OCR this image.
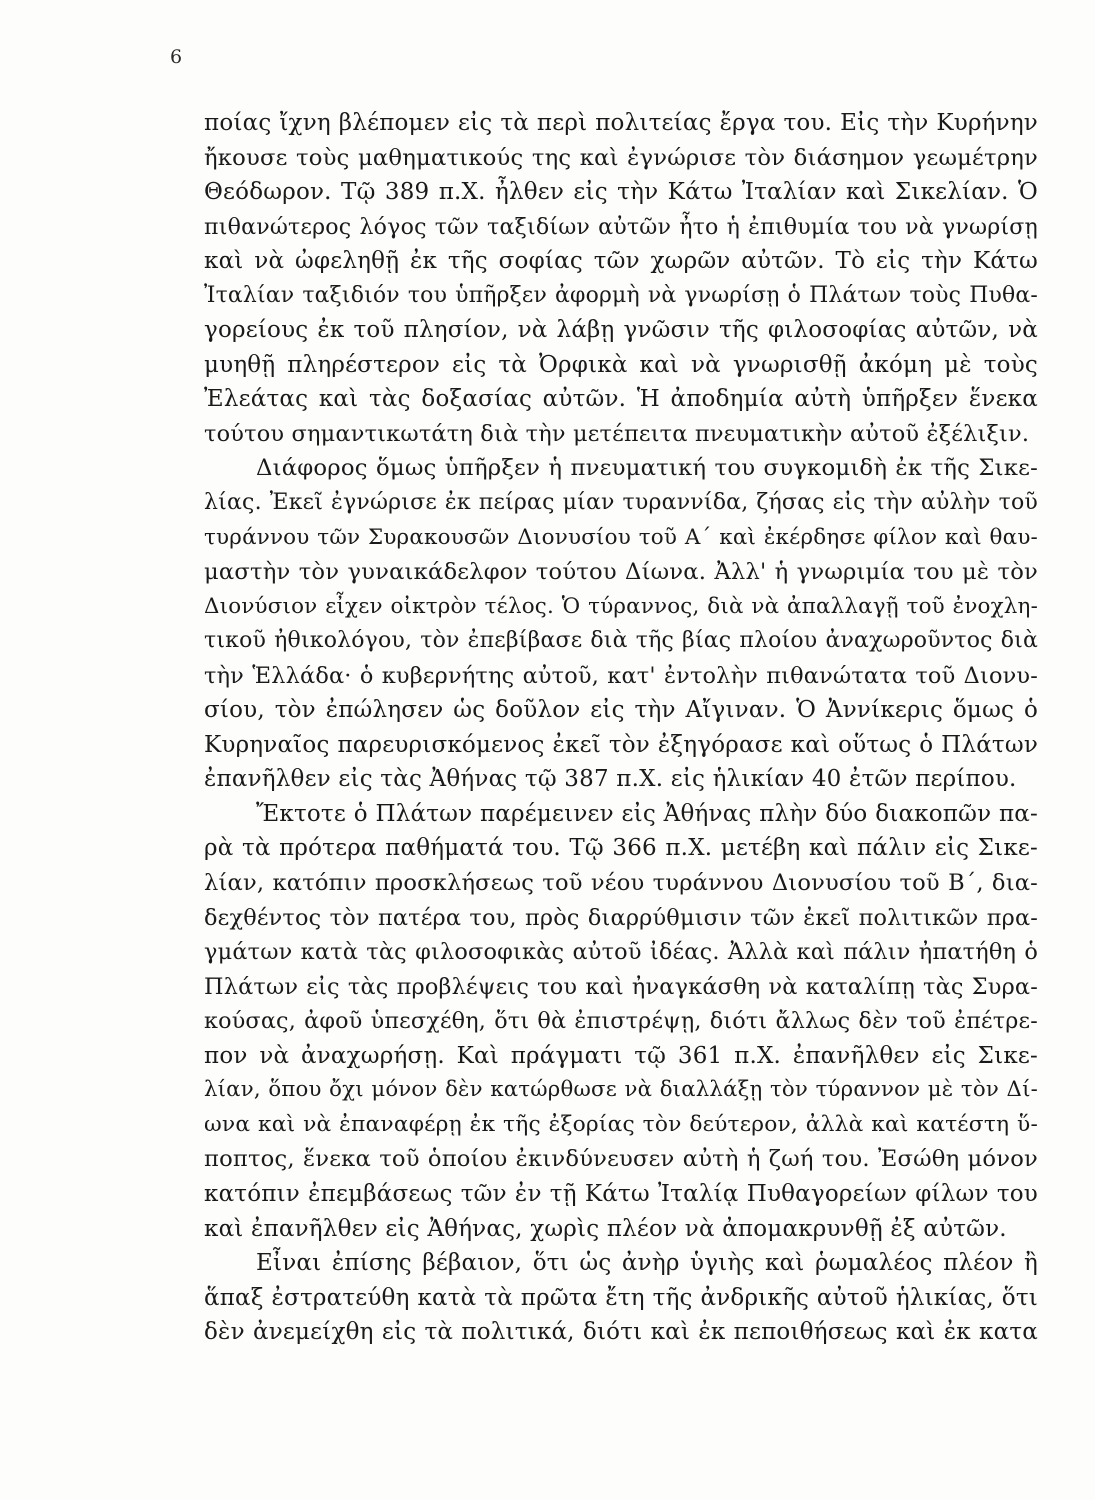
6
ποίας ἴχνη βλέπομεν εἰς τὰ περὶ πολιτείας ἔργα του. Εἰς τὴν Κυρήνην
ἤκουσε τοὺς μαθηματικούς της καὶ ἐγνώρισε τὸν διάσημον γεωμέτρην
Θεόδωρον. Τῷ 389 π.Χ. ἦλθεν εἰς τὴν Κάτω Ἰταλίαν καὶ Σικελίαν. Ὁ
πιθανώτερος λόγος τῶν ταξιδίων αὐτῶν ἦτο ἡ ἐπιθυμία του νὰ γνωρίσῃ
καὶ νὰ ὠφεληθῇ ἐκ τῆς σοφίας τῶν χωρῶν αὐτῶν. Τὸ εἰς τὴν Κάτω
Ἰταλίαν ταξιδιόν του ὑπῆρξεν ἀφορμὴ νὰ γνωρίσῃ ὁ Πλάτων τοὺς Πυθα-
γορείους ἐκ τοῦ πλησίον, νὰ λάβῃ γνῶσιν τῆς φιλοσοφίας αὐτῶν, νὰ
μυηθῇ πληρέστερον εἰς τὰ Ὀρφικὰ καὶ νὰ γνωρισθῇ ἀκόμη μὲ τοὺς
Ἐλεάτας καὶ τὰς δοξασίας αὐτῶν. Ἡ ἀποδημία αὐτὴ ὑπῆρξεν ἕνεκα
τούτου σημαντικωτάτη διὰ τὴν μετέπειτα πνευματικὴν αὐτοῦ ἐξέλιξιν.
Διάφορος ὅμως ὑπῆρξεν ἡ πνευματική του συγκομιδὴ ἐκ τῆς Σικε-
λίας. Ἐκεῖ ἐγνώρισε ἐκ πείρας μίαν τυραννίδα, ζήσας εἰς τὴν αὐλὴν τοῦ
τυράννου τῶν Συρακουσῶν Διονυσίου τοῦ Α΄ καὶ ἐκέρδησε φίλον καὶ θαυ-
μαστὴν τὸν γυναικάδελφον τούτου Δίωνα. Ἀλλ' ἡ γνωριμία του μὲ τὸν
Διονύσιον εἶχεν οἰκτρὸν τέλος. Ὁ τύραννος, διὰ νὰ ἀπαλλαγῇ τοῦ ἐνοχλη-
τικοῦ ἠθικολόγου, τὸν ἐπεβίβασε διὰ τῆς βίας πλοίου ἀναχωροῦντος διὰ
τὴν Ἑλλάδα· ὁ κυβερνήτης αὐτοῦ, κατ' ἐντολὴν πιθανώτατα τοῦ Διονυ-
σίου, τὸν ἐπώλησεν ὡς δοῦλον εἰς τὴν Αἴγιναν. Ὁ Ἀννίκερις ὅμως ὁ
Κυρηναῖος παρευρισκόμενος ἐκεῖ τὸν ἐξηγόρασε καὶ οὕτως ὁ Πλάτων
ἐπανῆλθεν εἰς τὰς Ἀθήνας τῷ 387 π.Χ. εἰς ἡλικίαν 40 ἐτῶν περίπου.
Ἔκτοτε ὁ Πλάτων παρέμεινεν εἰς Ἀθήνας πλὴν δύο διακοπῶν πα-
ρὰ τὰ πρότερα παθήματά του. Τῷ 366 π.Χ. μετέβη καὶ πάλιν εἰς Σικε-
λίαν, κατόπιν προσκλήσεως τοῦ νέου τυράννου Διονυσίου τοῦ Β΄, δια-
δεχθέντος τὸν πατέρα του, πρὸς διαρρύθμισιν τῶν ἐκεῖ πολιτικῶν πρα-
γμάτων κατὰ τὰς φιλοσοφικὰς αὐτοῦ ἰδέας. Ἀλλὰ καὶ πάλιν ἠπατήθη ὁ
Πλάτων εἰς τὰς προβλέψεις του καὶ ἠναγκάσθη νὰ καταλίπῃ τὰς Συρα-
κούσας, ἀφοῦ ὑπεσχέθη, ὅτι θὰ ἐπιστρέψῃ, διότι ἄλλως δὲν τοῦ ἐπέτρε-
πον νὰ ἀναχωρήσῃ. Καὶ πράγματι τῷ 361 π.Χ. ἐπανῆλθεν εἰς Σικε-
λίαν, ὅπου ὄχι μόνον δὲν κατώρθωσε νὰ διαλλάξῃ τὸν τύραννον μὲ τὸν Δί-
ωνα καὶ νὰ ἐπαναφέρῃ ἐκ τῆς ἐξορίας τὸν δεύτερον, ἀλλὰ καὶ κατέστη ὕ-
ποπτος, ἕνεκα τοῦ ὁποίου ἐκινδύνευσεν αὐτὴ ἡ ζωή του. Ἐσώθη μόνον
κατόπιν ἐπεμβάσεως τῶν ἐν τῇ Κάτω Ἰταλίᾳ Πυθαγορείων φίλων του
καὶ ἐπανῆλθεν εἰς Ἀθήνας, χωρὶς πλέον νὰ ἀπομακρυνθῇ ἐξ αὐτῶν.
Εἶναι ἐπίσης βέβαιον, ὅτι ὡς ἀνὴρ ὑγιὴς καὶ ῥωμαλέος πλέον ἢ
ἅπαξ ἐστρατεύθη κατὰ τὰ πρῶτα ἔτη τῆς ἀνδρικῆς αὐτοῦ ἡλικίας, ὅτι
δὲν ἀνεμείχθη εἰς τὰ πολιτικά, διότι καὶ ἐκ πεποιθήσεως καὶ ἐκ κατα
